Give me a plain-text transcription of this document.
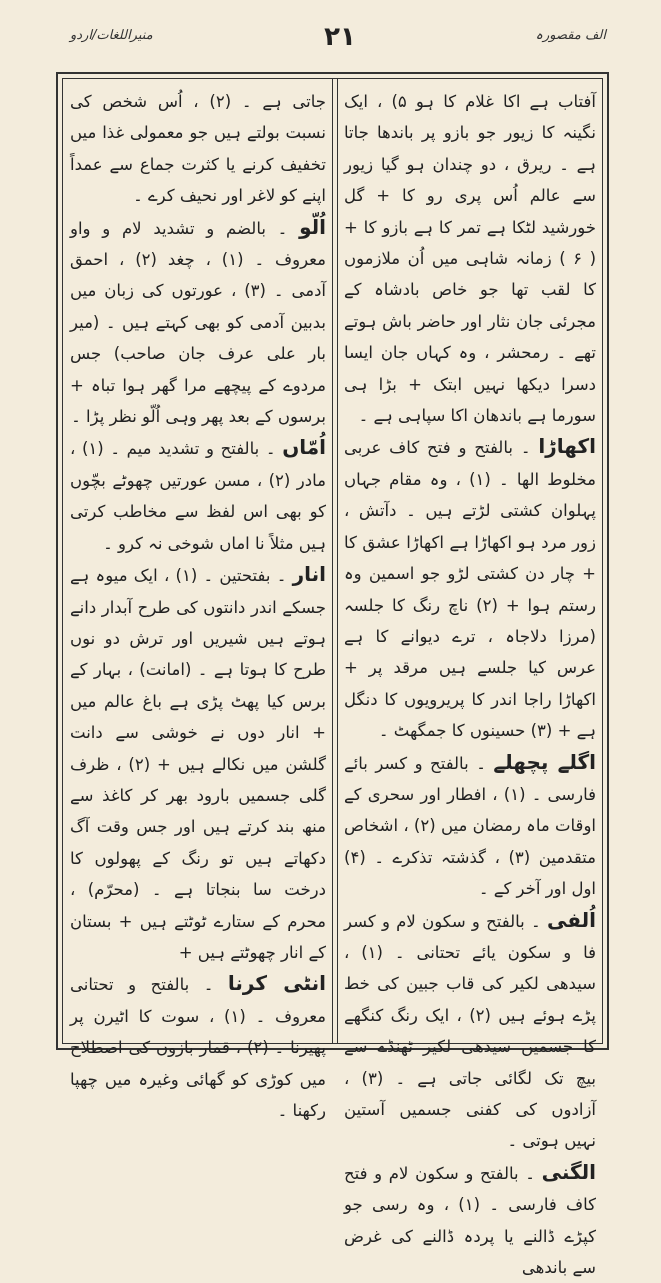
منیراللغات/اردو	۲۱	الف مقصورہ

آفتاب ہے اکا غلام کا ہو ۵) ، ایک نگینہ کا زیور جو بازو پر باندھا جاتا ہے ۔ ریرق ، دو چندان ہو گیا زیور سے عالم اُس پری رو کا + گل خورشید لٹکا ہے تمر کا ہے بازو کا + ( ۶ ) زمانہ شاہی میں اُن ملازموں کا لقب تھا جو خاص بادشاہ کے مجرئی جان نثار اور حاضر باش ہوتے تھے ۔ رمحشر ، وہ کہاں جان ایسا دسرا دیکھا نہیں ابتک + بڑا ہی سورما ہے باندھان اکا سپاہی ہے ۔

اکھاڑا ۔ بالفتح و فتح کاف عربی مخلوط الھا ۔ (۱) ، وہ مقام جہاں پہلوان کشتی لڑتے ہیں ۔ دآتش ، زور مرد ہو اکھاڑا ہے اکھاڑا عشق کا + چار دن کشتی لڑو جو اسمین وہ رستم ہوا + (۲) ناچ رنگ کا جلسہ (مرزا دلاجاہ ، ترے دیوانے کا ہے عرس کیا جلسے ہیں مرقد پر + اکھاڑا راجا اندر کا پریرویوں کا دنگل ہے + (۳) حسینوں کا جمگھٹ ۔

اگلے پچھلے ۔ بالفتح و کسر بائے فارسی ۔ (۱) ، افطار اور سحری کے اوقات ماہ رمضان میں (۲) ، اشخاص متقدمین (۳) ، گذشتہ تذکرے ۔ (۴) اول اور آخر کے ۔

اُلفی ۔ بالفتح و سکون لام و کسر فا و سکون یائے تحتانی ۔ (۱) ، سیدھی لکیر کی قاب جبین کی خط پڑے ہوئے ہیں (۲) ، ایک رنگ کنگھے کا جسمیں سیدھی لکیر ٹھنڈے سے بیچ تک لگائی جاتی ہے ۔ (۳) ، آزادوں کی کفنی جسمیں آستین نہیں ہوتی ۔

الگنی ۔ بالفتح و سکون لام و فتح کاف فارسی ۔ (۱) ، وہ رسی جو کپڑے ڈالنے یا پردہ ڈالنے کی غرض سے باندھی

جاتی ہے ۔ (۲) ، اُس شخص کی نسبت بولتے ہیں جو معمولی غذا میں تخفیف کرنے یا کثرت جماع سے عمداً اپنے کو لاغر اور نحیف کرے ۔

اُلّو ۔ بالضم و تشدید لام و واو معروف ۔ (۱) ، چغد (۲) ، احمق آدمی ۔ (۳) ، عورتوں کی زبان میں بدبین آدمی کو بھی کہتے ہیں ۔ (میر بار علی عرف جان صاحب) جس مردوے کے پیچھے مرا گھر ہوا تباہ + برسوں کے بعد پھر وہی اُلّو نظر پڑا ۔

اُمّاں ۔ بالفتح و تشدید میم ۔ (۱) ، مادر (۲) ، مسن عورتیں چھوٹے بچّوں کو بھی اس لفظ سے مخاطب کرتی ہیں مثلاً نا اماں شوخی نہ کرو ۔

انار ۔ بفتحتین ۔ (۱) ، ایک میوہ ہے جسکے اندر دانتوں کی طرح آبدار دانے ہوتے ہیں شیریں اور ترش دو نوں طرح کا ہوتا ہے ۔ (امانت) ، بہار کے برس کیا پھٹ پڑی ہے باغ عالم میں + انار دوں نے خوشی سے دانت گلشن میں نکالے ہیں + (۲) ، ظرف گلی جسمیں بارود بھر کر کاغذ سے منھ بند کرتے ہیں اور جس وقت آگ دکھاتے ہیں تو رنگ کے پھولوں کا درخت سا بنجاتا ہے ۔ (محرّم) ، محرم کے ستارے ٹوٹتے ہیں + بستان کے انار چھوٹتے ہیں +

انٹی کرنا ۔ بالفتح و تحتانی معروف ۔ (۱) ، سوت کا اٹیرن پر پھیرنا ۔ (۲) ، قمار بازوں کی اصطلاح میں کوڑی کو گھائی وغیرہ میں چھپا رکھنا ۔
